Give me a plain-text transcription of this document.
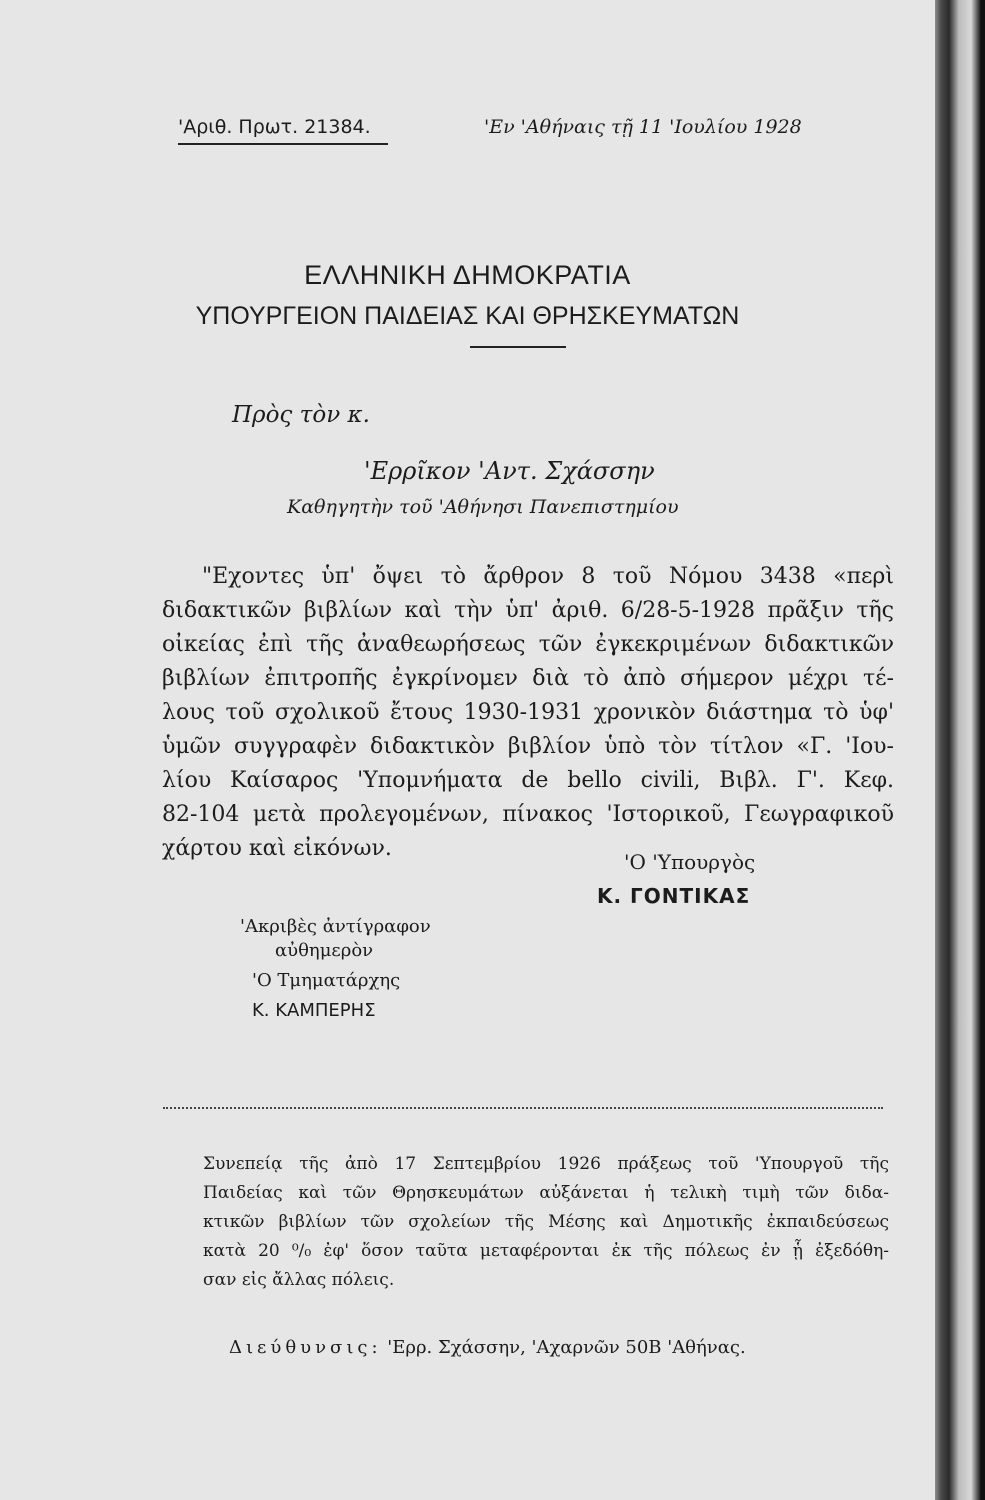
'Αριθ. Πρωτ. 21384.	'Εν 'Αθήναις τῇ 11 'Ιουλίου 1928
ΕΛΛΗΝΙΚΗ ΔΗΜΟΚΡΑΤΙΑ
ΥΠΟΥΡΓΕΙΟΝ ΠΑΙΔΕΙΑΣ ΚΑΙ ΘΡΗΣΚΕΥΜΑΤΩΝ
Πρὸς τὸν κ.
'Ερρῖκον 'Αντ. Σχάσσην
Καθηγητὴν τοῦ 'Αθήνησι Πανεπιστημίου
"Εχοντες ὑπ' ὄψει τὸ ἄρθρον 8 τοῦ Νόμου 3438 «περὶ
διδακτικῶν βιβλίων καὶ τὴν ὑπ' ἀριθ. 6/28-5-1928 πρᾶξιν τῆς
οἰκείας ἐπὶ τῆς ἀναθεωρήσεως τῶν ἐγκεκριμένων διδακτικῶν
βιβλίων ἐπιτροπῆς ἐγκρίνομεν διὰ τὸ ἀπὸ σήμερον μέχρι τέ-
λους τοῦ σχολικοῦ ἔτους 1930-1931 χρονικὸν διάστημα τὸ ὑφ'
ὑμῶν συγγραφὲν διδακτικὸν βιβλίον ὑπὸ τὸν τίτλον «Γ. 'Ιου-
λίου Καίσαρος 'Υπομνήματα de bello civili, Βιβλ. Γ'. Κεφ.
82-104 μετὰ προλεγομένων, πίνακος 'Ιστορικοῦ, Γεωγραφικοῦ
χάρτου καὶ εἰκόνων.
'Ο 'Υπουργὸς
Κ. ΓΟΝΤΙΚΑΣ
'Ακριβὲς ἀντίγραφον
αὐθημερὸν
'Ο Τμηματάρχης
Κ. ΚΑΜΠΕΡΗΣ
Συνεπείᾳ τῆς ἀπὸ 17 Σεπτεμβρίου 1926 πράξεως τοῦ 'Υπουργοῦ τῆς
Παιδείας καὶ τῶν Θρησκευμάτων αὐξάνεται ἡ τελικὴ τιμὴ τῶν διδα-
κτικῶν βιβλίων τῶν σχολείων τῆς Μέσης καὶ Δημοτικῆς ἐκπαιδεύσεως
κατὰ 20 ⁰/₀ ἐφ' ὅσον ταῦτα μεταφέρονται ἐκ τῆς πόλεως ἐν ᾗ ἐξεδόθη-
σαν εἰς ἄλλας πόλεις.
Διεύθυνσις: 'Ερρ. Σχάσσην, 'Αχαρνῶν 50Β 'Αθήνας.
